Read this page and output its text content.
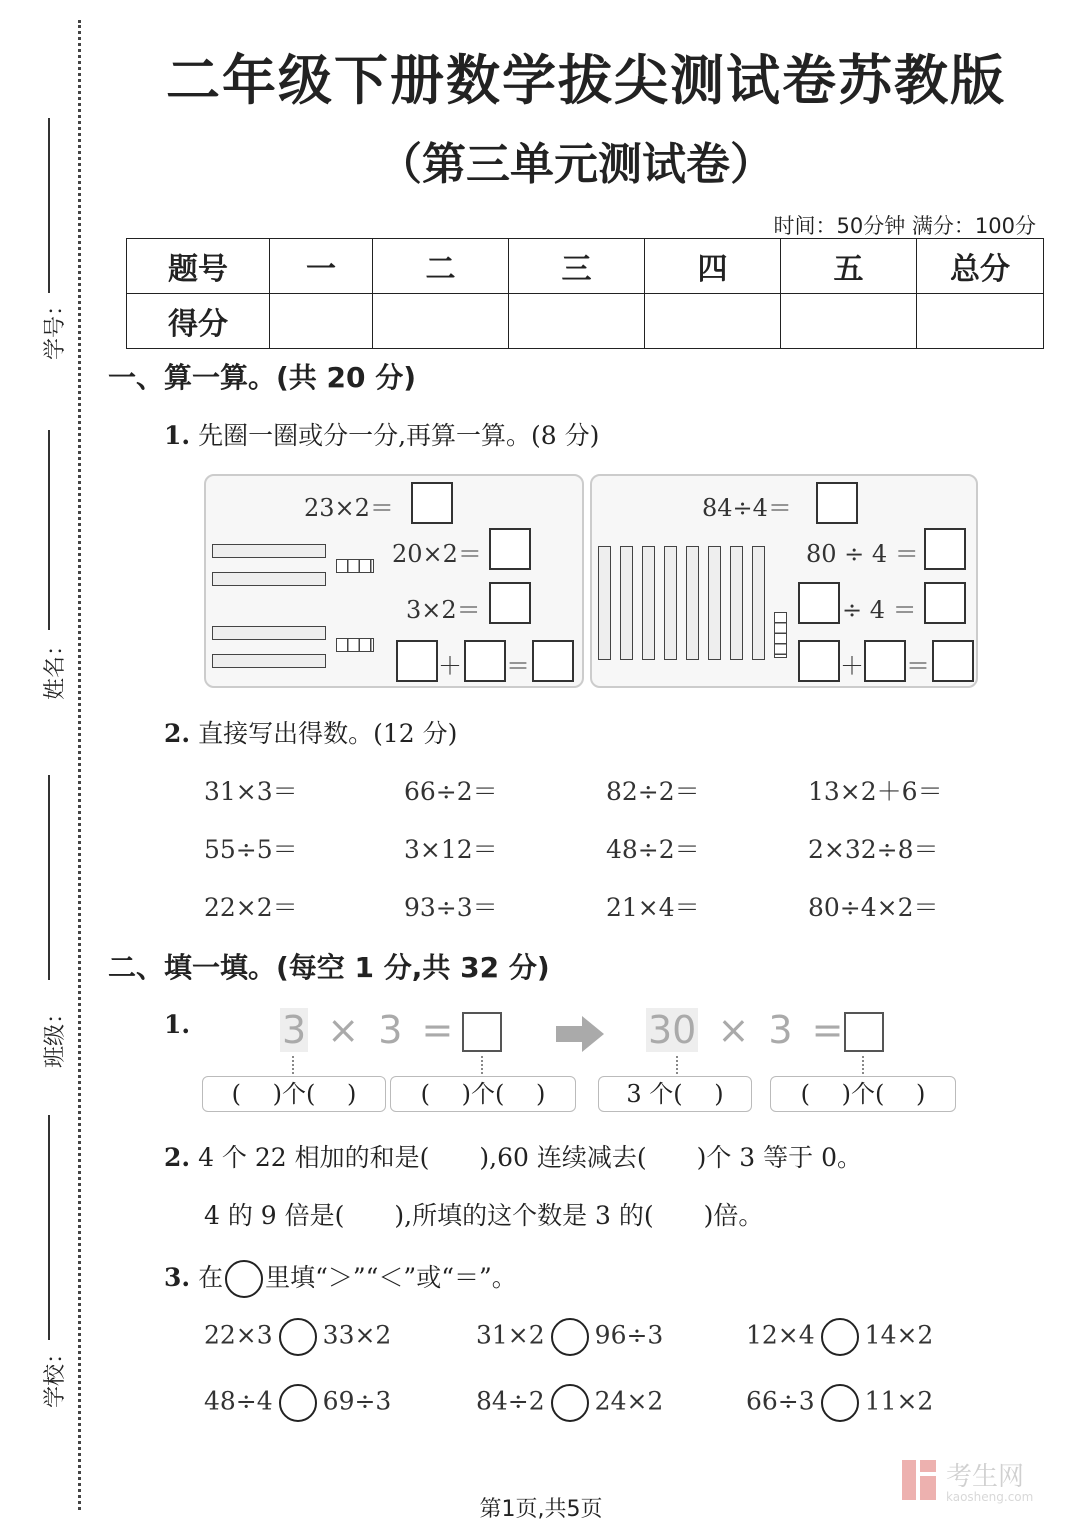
学号：
姓名：
班级：
学校：
二年级下册数学拔尖测试卷苏教版
（第三单元测试卷）
时间：50分钟 满分：100分
题号	一	二	三	四	五	总分
得分						
一、算一算。(共 20 分)
1. 先圈一圈或分一分,再算一算。(8 分)
23×2＝
20×2＝
3×2＝
＋ ＝
84÷4＝
80 ÷ 4 ＝
÷ 4 ＝
＋ ＝
2. 直接写出得数。(12 分)
31×3＝	66÷2＝	82÷2＝	13×2＋6＝
55÷5＝	3×12＝	48÷2＝	2×32÷8＝
22×2＝	93÷3＝	21×4＝	80÷4×2＝
二、填一填。(每空 1 分,共 32 分)
1. 3 × 3 =	30 × 3 =
(　 )个(　 )	(　 )个(　 )	3 个(　 )	(　 )个(　 )
2. 4 个 22 相加的和是(　　),60 连续减去(　　)个 3 等于 0。
4 的 9 倍是(　　),所填的这个数是 3 的(　　)倍。
3. 在 里填“＞”“＜”或“＝”。
22×3 33×2	31×2 96÷3	12×4 14×2
48÷4 69÷3	84÷2 24×2	66÷3 11×2
考生网
kaosheng.com
第1页,共5页
